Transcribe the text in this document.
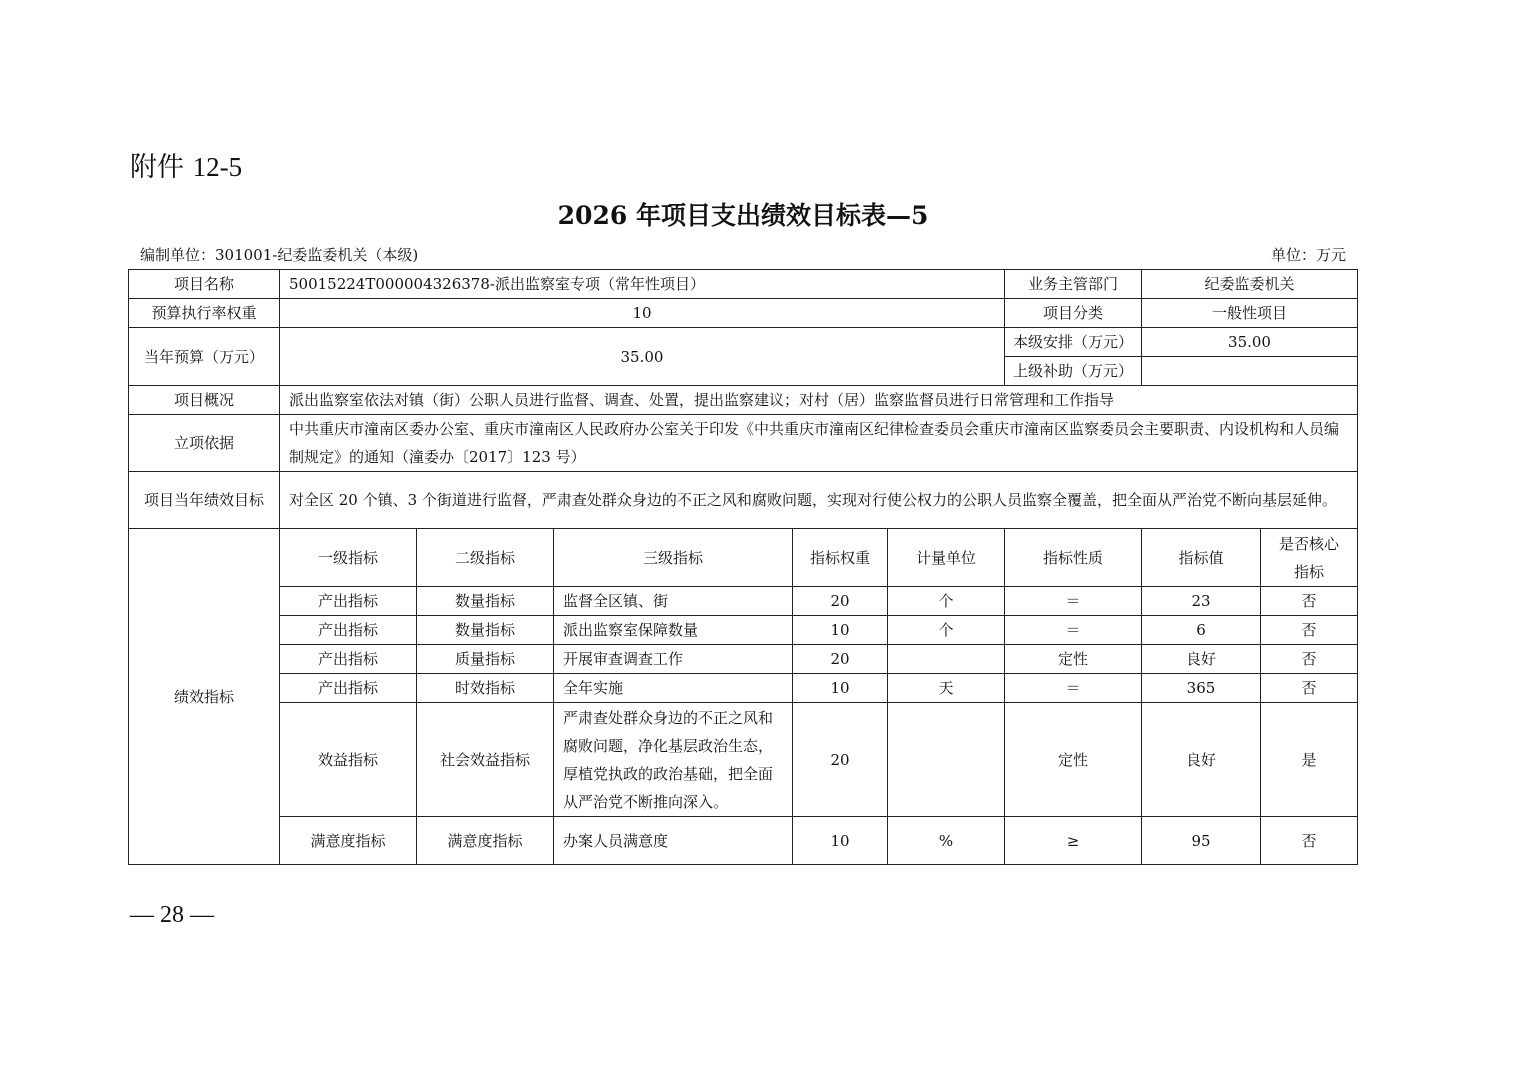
附件 12-5
2026 年项目支出绩效目标表—5
编制单位：301001-纪委监委机关（本级)	单位：万元
项目名称	50015224T000004326378-派出监察室专项（常年性项目）					业务主管部门	纪委监委机关	
预算执行率权重	10					项目分类	一般性项目	
当年预算（万元）	35.00					本级安排（万元）	35.00	
						上级补助（万元）		
项目概况	派出监察室依法对镇（街）公职人员进行监督、调查、处置，提出监察建议；对村（居）监察监督员进行日常管理和工作指导							
立项依据	中共重庆市潼南区委办公室、重庆市潼南区人民政府办公室关于印发《中共重庆市潼南区纪律检查委员会重庆市潼南区监察委员会主要职责、内设机构和人员编制规定》的通知（潼委办〔2017〕123 号）							
项目当年绩效目标	对全区 20 个镇、3 个街道进行监督，严肃查处群众身边的不正之风和腐败问题，实现对行使公权力的公职人员监察全覆盖，把全面从严治党不断向基层延伸。							
绩效指标	一级指标	二级指标	三级指标	指标权重	计量单位	指标性质	指标值	是否核心指标
	产出指标	数量指标	监督全区镇、街	20	个	＝	23	否
	产出指标	数量指标	派出监察室保障数量	10	个	＝	6	否
	产出指标	质量指标	开展审查调查工作	20		定性	良好	否
	产出指标	时效指标	全年实施	10	天	＝	365	否
	效益指标	社会效益指标	严肃查处群众身边的不正之风和腐败问题，净化基层政治生态，厚植党执政的政治基础，把全面从严治党不断推向深入。	20		定性	良好	是
	满意度指标	满意度指标	办案人员满意度	10	%	≥	95	否
— 28 —
